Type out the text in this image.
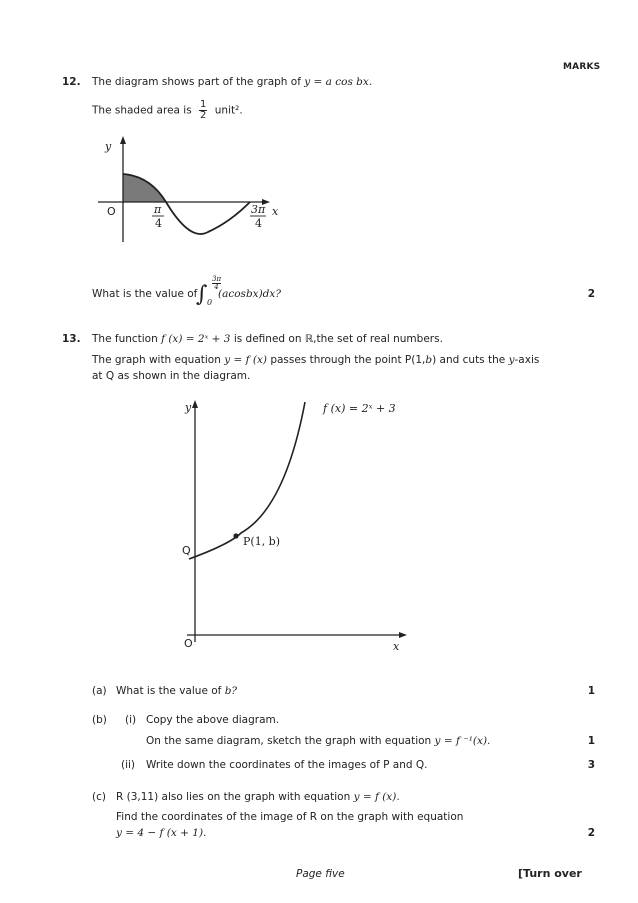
MARKS
12. The diagram shows part of the graph of y = a cos bx.
The shaded area is $\frac{1}{2}$ unit².
y
x
O	π
4
3π
4
What is the value of
∫ $\frac{3\pi}{4}$
0
(acosbx)dx?	2
13. The function f (x) = 2ˣ + 3 is defined on ℝ,the set of real numbers.
The graph with equation y = f (x) passes through the point P(1,b) and cuts the y-axis
at Q as shown in the diagram.
y
x
O
Q
P(1, b)
f (x) = 2ˣ + 3
(a) What is the value of b?	1
(b) (i) Copy the above diagram.
On the same diagram, sketch the graph with equation y = f ⁻¹(x).	1
(ii) Write down the coordinates of the images of P and Q.	3
(c) R (3,11) also lies on the graph with equation y = f (x).
Find the coordinates of the image of R on the graph with equation
y = 4 − f (x + 1).	2
Page five	[Turn over
